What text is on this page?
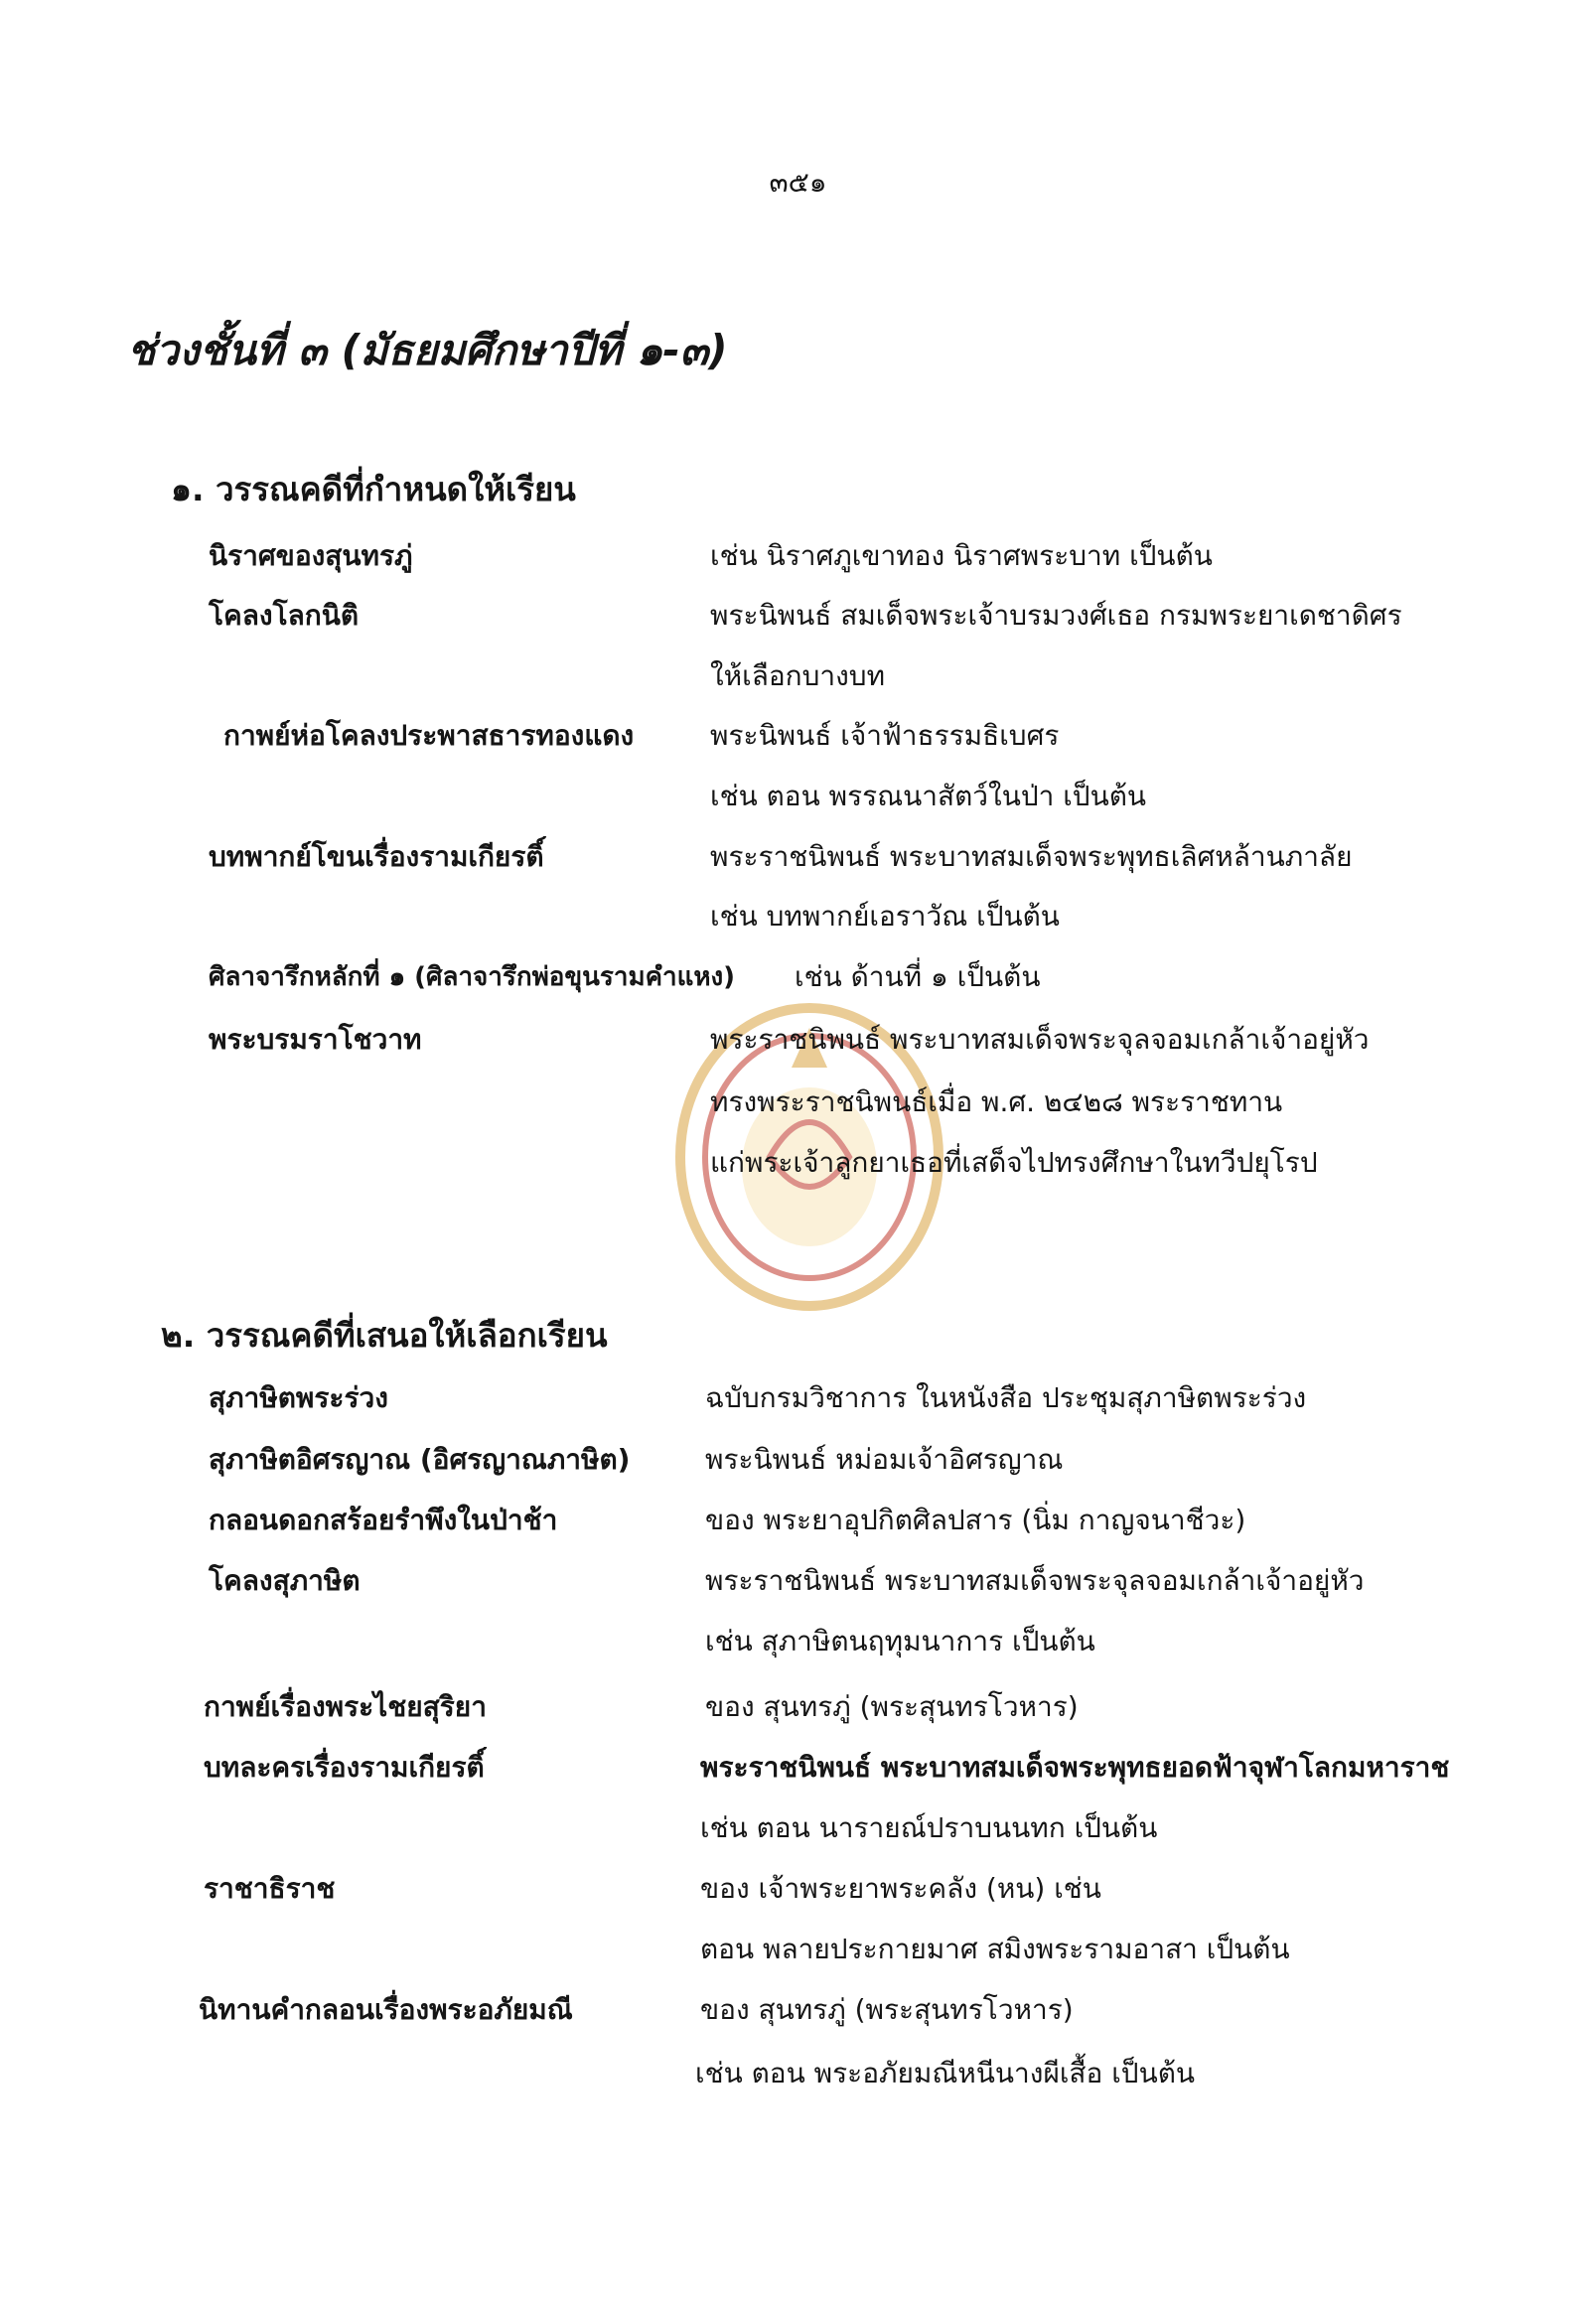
๓๕๑
ช่วงชั้นที่ ๓ (มัธยมศึกษาปีที่ ๑-๓)
๑. วรรณคดีที่กำหนดให้เรียน
นิราศของสุนทรภู่	เช่น นิราศภูเขาทอง นิราศพระบาท เป็นต้น
โคลงโลกนิติ	พระนิพนธ์ สมเด็จพระเจ้าบรมวงศ์เธอ กรมพระยาเดชาดิศร
ให้เลือกบางบท
กาพย์ห่อโคลงประพาสธารทองแดง	พระนิพนธ์ เจ้าฟ้าธรรมธิเบศร
เช่น ตอน พรรณนาสัตว์ในป่า เป็นต้น
บทพากย์โขนเรื่องรามเกียรติ์	พระราชนิพนธ์ พระบาทสมเด็จพระพุทธเลิศหล้านภาลัย
เช่น บทพากย์เอราวัณ เป็นต้น
ศิลาจารึกหลักที่ ๑ (ศิลาจารึกพ่อขุนรามคำแหง) เช่น ด้านที่ ๑ เป็นต้น
พระบรมราโชวาท	พระราชนิพนธ์ พระบาทสมเด็จพระจุลจอมเกล้าเจ้าอยู่หัว
ทรงพระราชนิพนธ์เมื่อ พ.ศ. ๒๔๒๘ พระราชทาน
แก่พระเจ้าลูกยาเธอที่เสด็จไปทรงศึกษาในทวีปยุโรป
๒. วรรณคดีที่เสนอให้เลือกเรียน
สุภาษิตพระร่วง	ฉบับกรมวิชาการ ในหนังสือ ประชุมสุภาษิตพระร่วง
สุภาษิตอิศรญาณ (อิศรญาณภาษิต)	พระนิพนธ์ หม่อมเจ้าอิศรญาณ
กลอนดอกสร้อยรำพึงในป่าช้า	ของ พระยาอุปกิตศิลปสาร (นิ่ม กาญจนาชีวะ)
โคลงสุภาษิต	พระราชนิพนธ์ พระบาทสมเด็จพระจุลจอมเกล้าเจ้าอยู่หัว
เช่น สุภาษิตนฤทุมนาการ เป็นต้น
กาพย์เรื่องพระไชยสุริยา	ของ สุนทรภู่ (พระสุนทรโวหาร)
บทละครเรื่องรามเกียรติ์	พระราชนิพนธ์ พระบาทสมเด็จพระพุทธยอดฟ้าจุฬาโลกมหาราช
เช่น ตอน นารายณ์ปราบนนทก เป็นต้น
ราชาธิราช	ของ เจ้าพระยาพระคลัง (หน) เช่น
ตอน พลายประกายมาศ สมิงพระรามอาสา เป็นต้น
นิทานคำกลอนเรื่องพระอภัยมณี	ของ สุนทรภู่ (พระสุนทรโวหาร)
เช่น ตอน พระอภัยมณีหนีนางผีเสื้อ เป็นต้น
